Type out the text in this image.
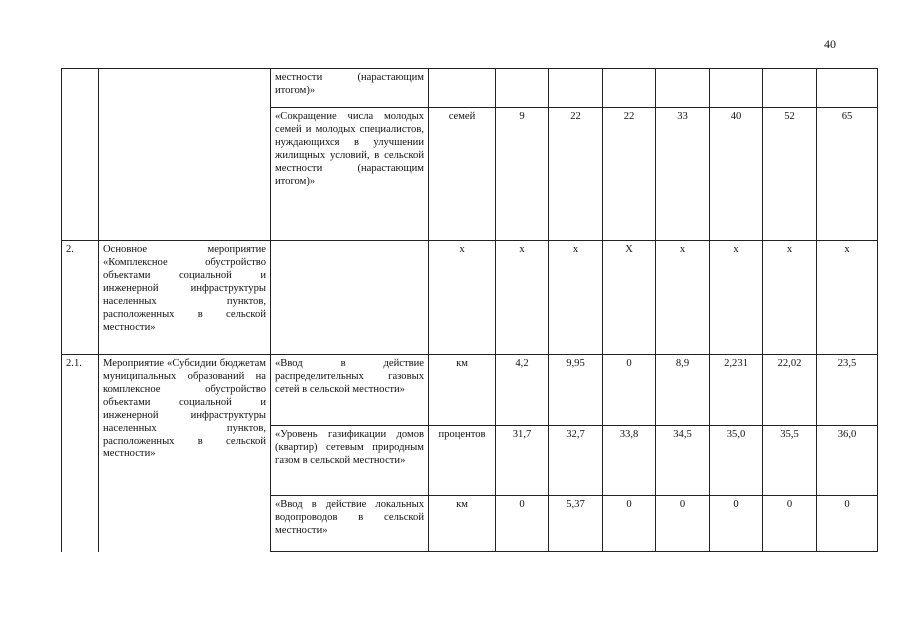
40
		местности (нарастающим итогом)»								
		«Сокращение числа молодых семей и молодых специалистов, нуждающихся в улучшении жилищных условий, в сельской местности (нарастающим итогом)»	семей	9	22	22	33	40	52	65
2.	Основное мероприятие «Комплексное обустройство объектами социальной и инженерной инфраструктуры населенных пунктов, расположенных в сельской местности»		х	х	х	Х	х	х	х	х
2.1.	Мероприятие «Субсидии бюджетам муниципальных образований на комплексное обустройство объектами социальной и инженерной инфраструктуры населенных пунктов, расположенных в сельской местности»	«Ввод в действие распределительных газовых сетей в сельской местности»	км	4,2	9,95	0	8,9	2,231	22,02	23,5
		«Уровень газификации домов (квартир) сетевым природным газом в сельской местности»	процентов	31,7	32,7	33,8	34,5	35,0	35,5	36,0
		«Ввод в действие локальных водопроводов в сельской местности»	км	0	5,37	0	0	0	0	0
